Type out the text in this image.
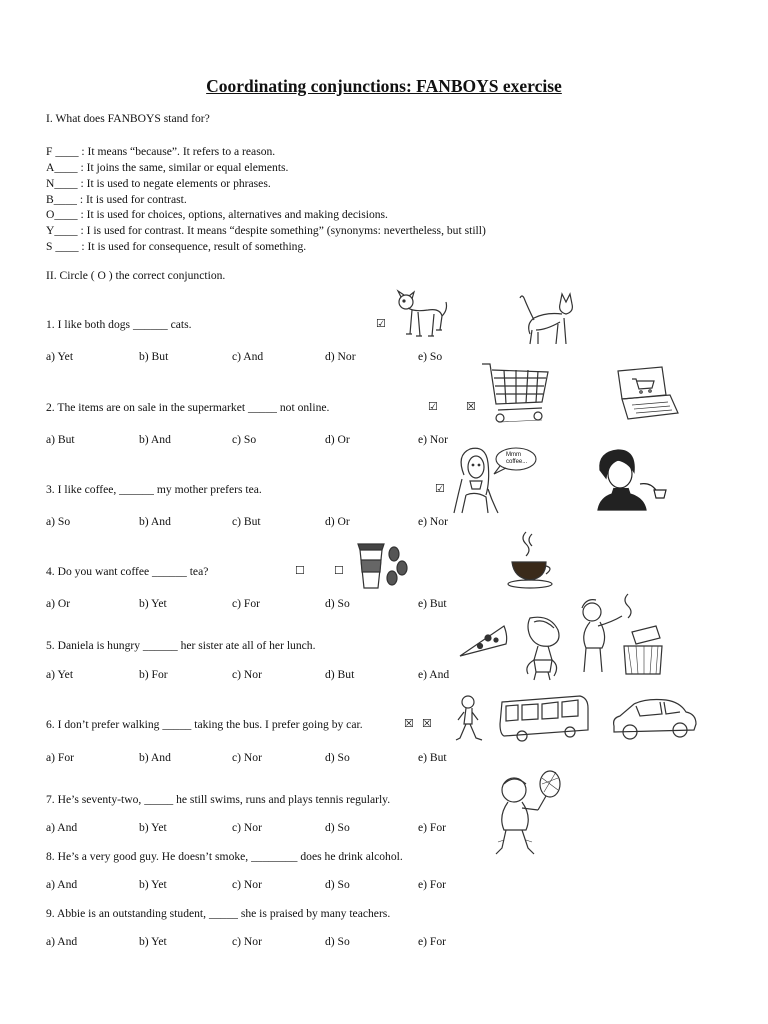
Coordinating conjunctions: FANBOYS exercise
I. What does FANBOYS stand for?
F ____ : It means “because”. It refers to a reason.
A____ : It joins the same, similar or equal elements.
N____ : It is used to negate elements or phrases.
B____ : It is used for contrast.
O____ : It is used for choices, options, alternatives and making decisions.
Y____ : I is used for contrast. It means “despite something” (synonyms: nevertheless, but still)
S ____ : It is used for consequence, result of something.
II. Circle ( O ) the correct conjunction.
1. I like both dogs ______ cats.
a) Yet	b) But	c) And	d) Nor	e) So
2. The items are on sale in the supermarket _____ not online.
a) But	b) And	c) So	d) Or	e) Nor
3. I like coffee, ______ my mother prefers tea.
a) So	b) And	c) But	d) Or	e) Nor
4. Do you want coffee ______ tea?
a) Or	b) Yet	c) For	d) So	e) But
5. Daniela is hungry ______ her sister ate all of her lunch.
a) Yet	b) For	c) Nor	d) But	e) And
6. I don’t prefer walking _____ taking the bus. I prefer going by car.
a) For	b) And	c) Nor	d) So	e) But
7. He’s seventy-two, _____ he still swims, runs and plays tennis regularly.
a) And	b) Yet	c) Nor	d) So	e) For
8. He’s a very good guy. He doesn’t smoke, ________ does he drink alcohol.
a) And	b) Yet	c) Nor	d) So	e) For
9. Abbie is an outstanding student, _____ she is praised by many teachers.
a) And	b) Yet	c) Nor	d) So	e) For
☑
☑	☒
☑
☐	☐
☒ ☒
Mmm coffee...
